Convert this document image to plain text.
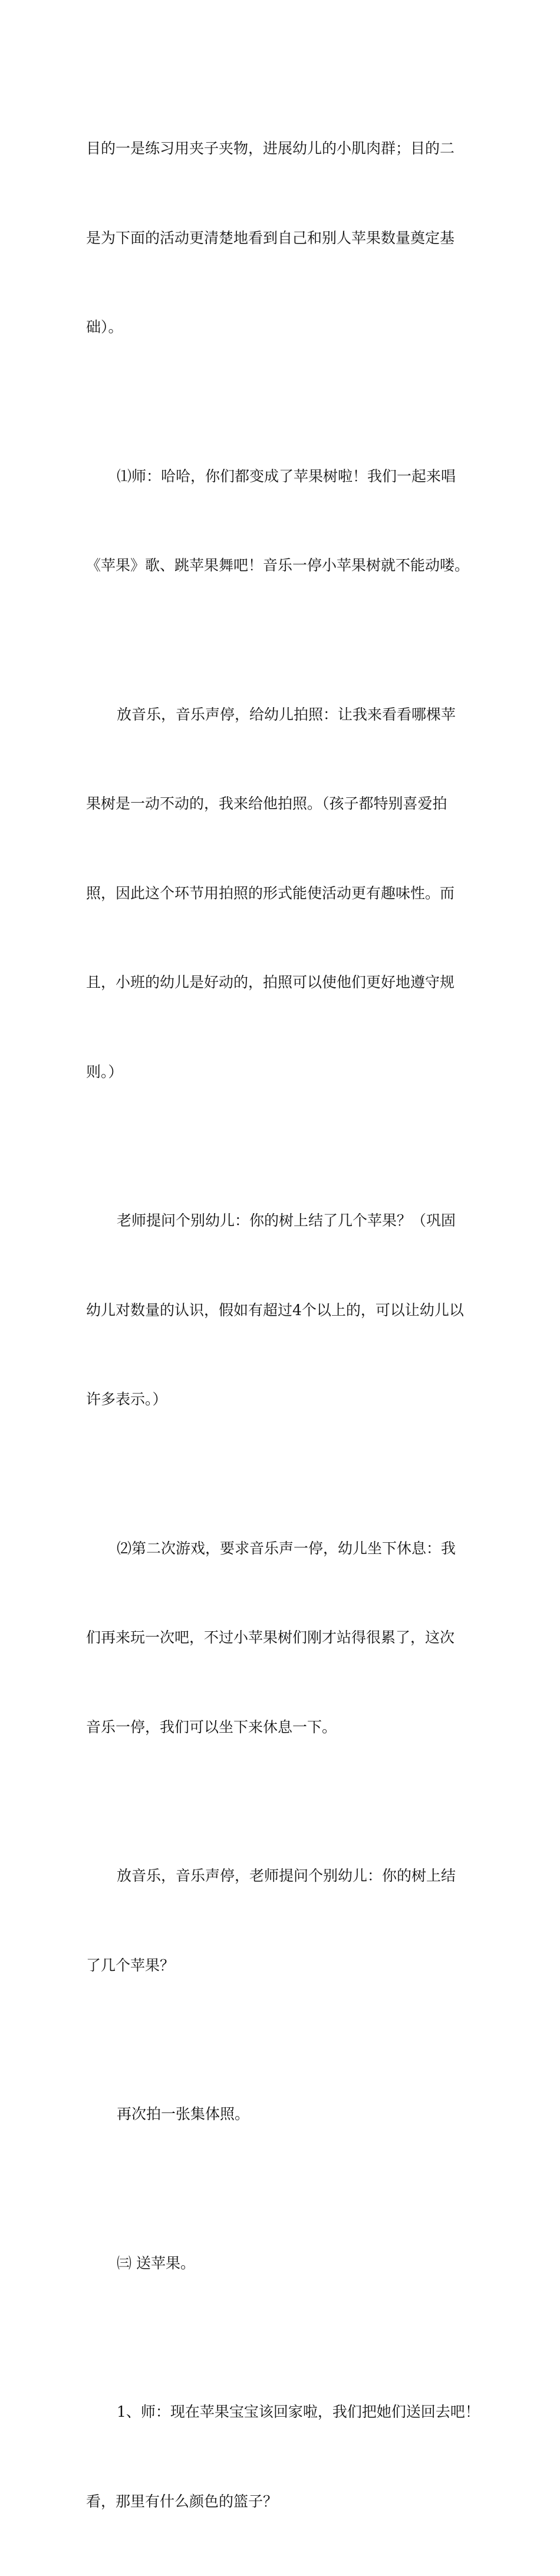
目的一是练习用夹子夹物，进展幼儿的小肌肉群；目的二

是为下面的活动更清楚地看到自己和别人苹果数量奠定基

础）。

⑴师：哈哈，你们都变成了苹果树啦！我们一起来唱

《苹果》歌、跳苹果舞吧！音乐一停小苹果树就不能动喽。

放音乐，音乐声停，给幼儿拍照：让我来看看哪棵苹

果树是一动不动的，我来给他拍照。（孩子都特别喜爱拍

照，因此这个环节用拍照的形式能使活动更有趣味性。而

且，小班的幼儿是好动的，拍照可以使他们更好地遵守规

则。）

老师提问个别幼儿：你的树上结了几个苹果？（巩固

幼儿对数量的认识，假如有超过4个以上的，可以让幼儿以

许多表示。）

⑵第二次游戏，要求音乐声一停，幼儿坐下休息：我

们再来玩一次吧，不过小苹果树们刚才站得很累了，这次

音乐一停，我们可以坐下来休息一下。

放音乐，音乐声停，老师提问个别幼儿：你的树上结

了几个苹果？

再次拍一张集体照。

㈢ 送苹果。

1、师：现在苹果宝宝该回家啦，我们把她们送回去吧！

看，那里有什么颜色的篮子？
